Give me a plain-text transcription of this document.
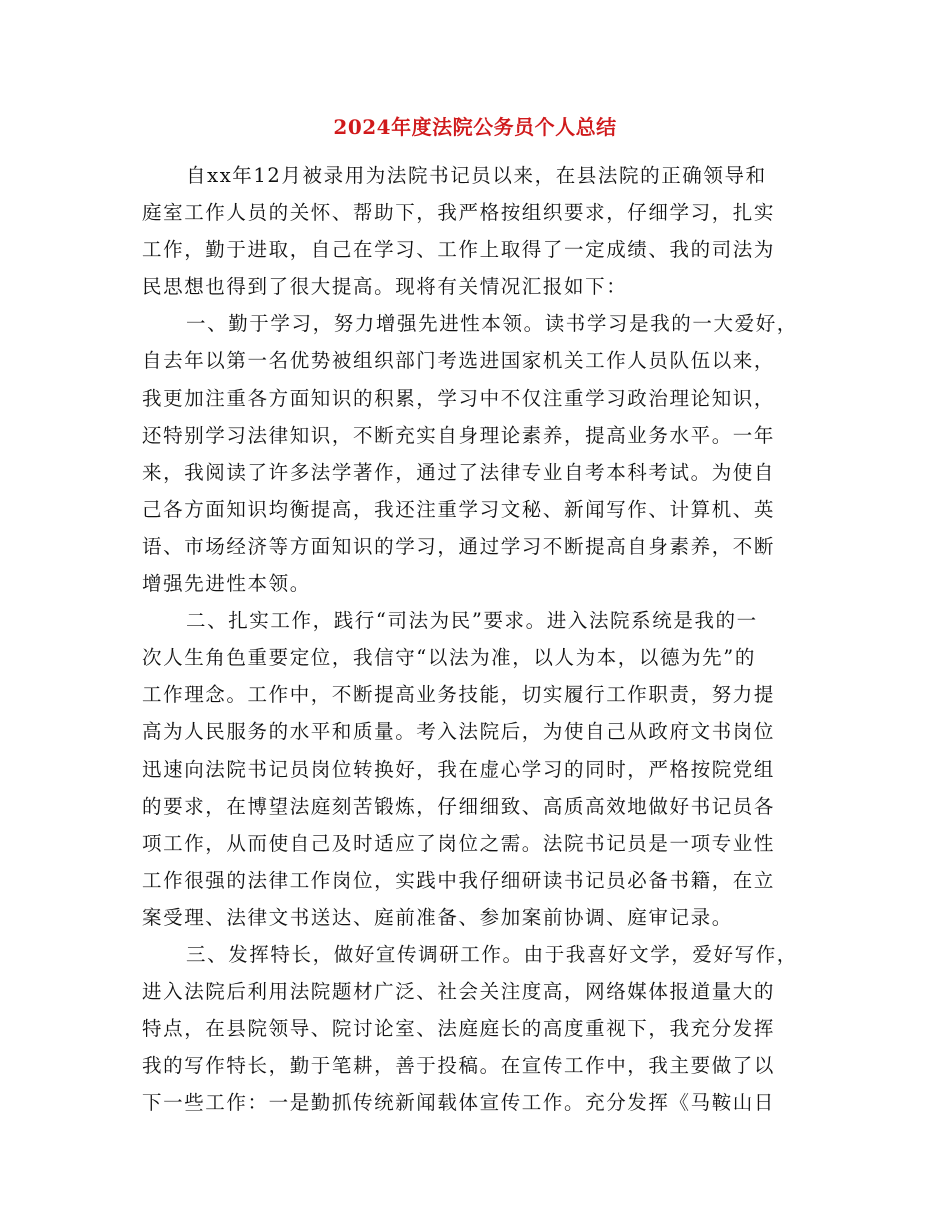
2024年度法院公务员个人总结
自xx年12月被录用为法院书记员以来，在县法院的正确领导和
庭室工作人员的关怀、帮助下，我严格按组织要求，仔细学习，扎实
工作，勤于进取，自己在学习、工作上取得了一定成绩、我的司法为
民思想也得到了很大提高。现将有关情况汇报如下：
一、勤于学习，努力增强先进性本领。读书学习是我的一大爱好，
自去年以第一名优势被组织部门考选进国家机关工作人员队伍以来，
我更加注重各方面知识的积累，学习中不仅注重学习政治理论知识，
还特别学习法律知识，不断充实自身理论素养，提高业务水平。一年
来，我阅读了许多法学著作，通过了法律专业自考本科考试。为使自
己各方面知识均衡提高，我还注重学习文秘、新闻写作、计算机、英
语、市场经济等方面知识的学习，通过学习不断提高自身素养，不断
增强先进性本领。
二、扎实工作，践行“司法为民”要求。进入法院系统是我的一
次人生角色重要定位，我信守“以法为准，以人为本，以德为先”的
工作理念。工作中，不断提高业务技能，切实履行工作职责，努力提
高为人民服务的水平和质量。考入法院后，为使自己从政府文书岗位
迅速向法院书记员岗位转换好，我在虚心学习的同时，严格按院党组
的要求，在博望法庭刻苦锻炼，仔细细致、高质高效地做好书记员各
项工作，从而使自己及时适应了岗位之需。法院书记员是一项专业性
工作很强的法律工作岗位，实践中我仔细研读书记员必备书籍，在立
案受理、法律文书送达、庭前准备、参加案前协调、庭审记录。
三、发挥特长，做好宣传调研工作。由于我喜好文学，爱好写作，
进入法院后利用法院题材广泛、社会关注度高，网络媒体报道量大的
特点，在县院领导、院讨论室、法庭庭长的高度重视下，我充分发挥
我的写作特长，勤于笔耕，善于投稿。在宣传工作中，我主要做了以
下一些工作：一是勤抓传统新闻载体宣传工作。充分发挥《马鞍山日
